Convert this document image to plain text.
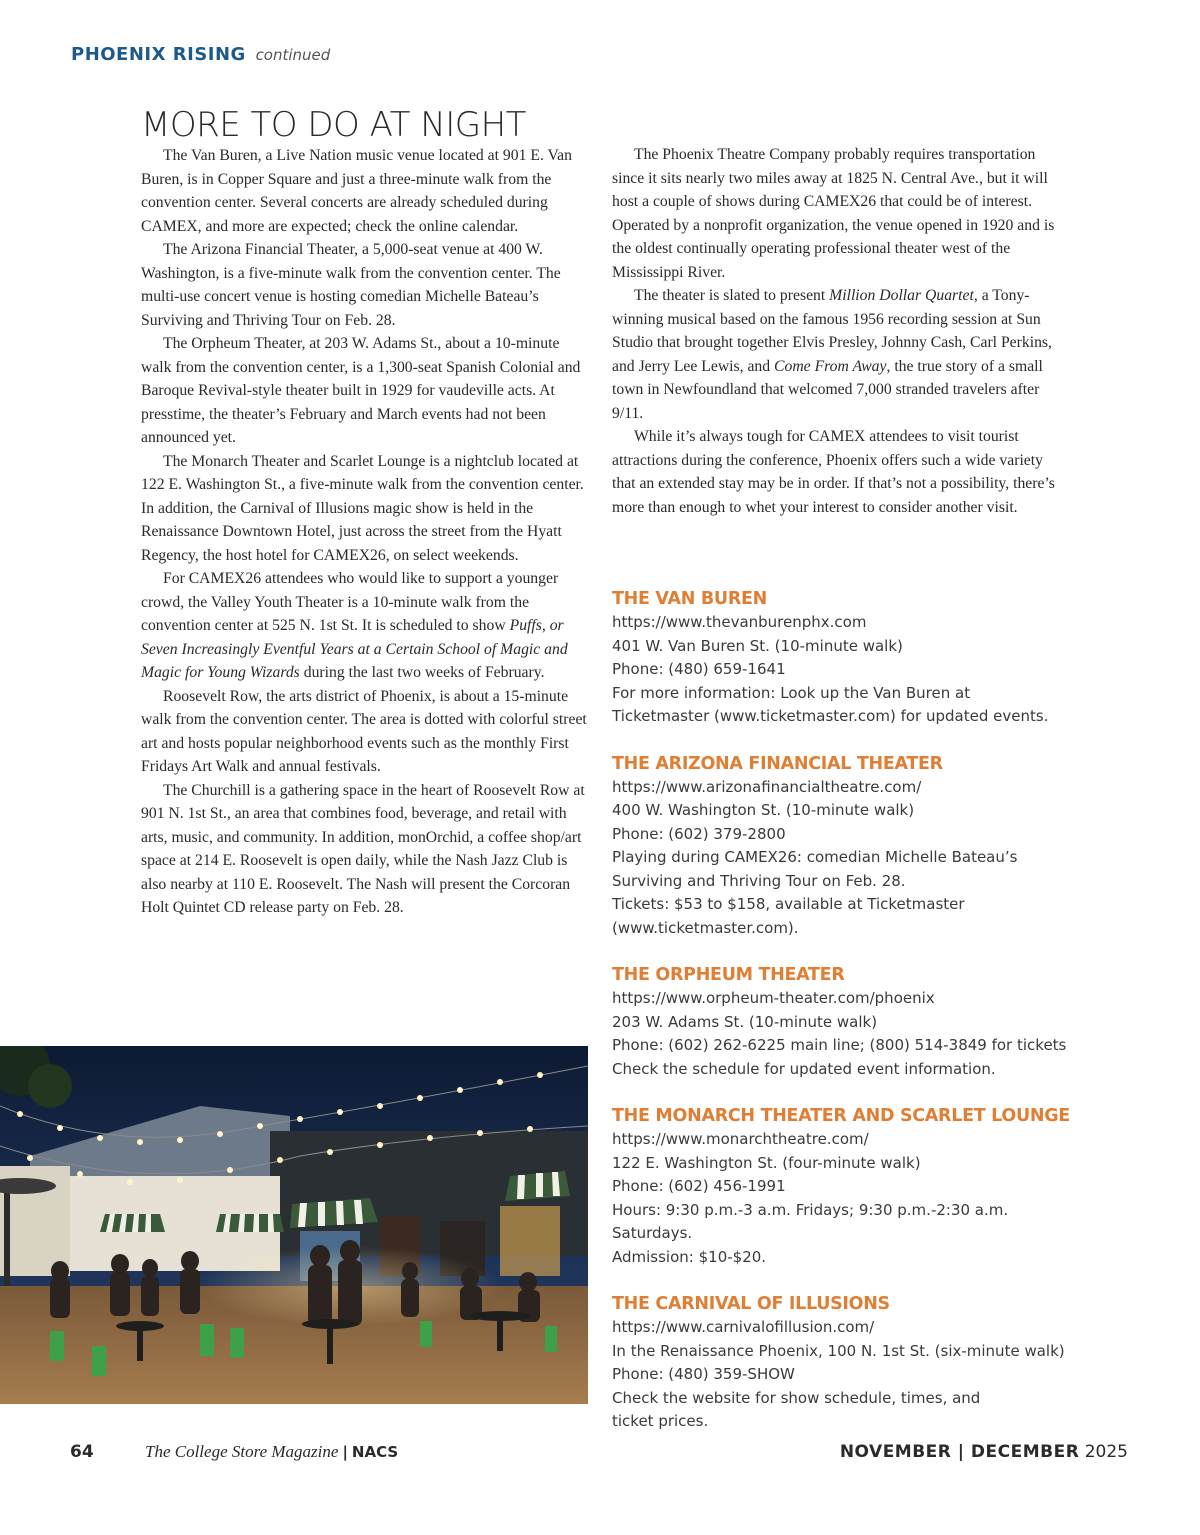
PHOENIX RISING continued
MORE TO DO AT NIGHT

The Van Buren, a Live Nation music venue located at 901 E. Van Buren, is in Copper Square and just a three-minute walk from the convention center. Several concerts are already scheduled during CAMEX, and more are expected; check the online calendar.

The Arizona Financial Theater, a 5,000-seat venue at 400 W. Washington, is a five-minute walk from the convention center. The multi-use concert venue is hosting comedian Michelle Bateau’s Surviving and Thriving Tour on Feb. 28.

The Orpheum Theater, at 203 W. Adams St., about a 10-minute walk from the convention center, is a 1,300-seat Spanish Colonial and Baroque Revival-style theater built in 1929 for vaudeville acts. At presstime, the theater’s February and March events had not been announced yet.

The Monarch Theater and Scarlet Lounge is a nightclub located at 122 E. Washington St., a five-minute walk from the convention center. In addition, the Carnival of Illusions magic show is held in the Renaissance Downtown Hotel, just across the street from the Hyatt Regency, the host hotel for CAMEX26, on select weekends.

For CAMEX26 attendees who would like to support a younger crowd, the Valley Youth Theater is a 10-minute walk from the convention center at 525 N. 1st St. It is scheduled to show Puffs, or Seven Increasingly Eventful Years at a Certain School of Magic and Magic for Young Wizards during the last two weeks of February.

Roosevelt Row, the arts district of Phoenix, is about a 15-minute walk from the convention center. The area is dotted with colorful street art and hosts popular neighborhood events such as the monthly First Fridays Art Walk and annual festivals.

The Churchill is a gathering space in the heart of Roosevelt Row at 901 N. 1st St., an area that combines food, beverage, and retail with arts, music, and community. In addition, monOrchid, a coffee shop/art space at 214 E. Roosevelt is open daily, while the Nash Jazz Club is also nearby at 110 E. Roosevelt. The Nash will present the Corcoran Holt Quintet CD release party on Feb. 28.

The Phoenix Theatre Company probably requires transportation since it sits nearly two miles away at 1825 N. Central Ave., but it will host a couple of shows during CAMEX26 that could be of interest. Operated by a nonprofit organization, the venue opened in 1920 and is the oldest continually operating professional theater west of the Mississippi River.

The theater is slated to present Million Dollar Quartet, a Tony-winning musical based on the famous 1956 recording session at Sun Studio that brought together Elvis Presley, Johnny Cash, Carl Perkins, and Jerry Lee Lewis, and Come From Away, the true story of a small town in Newfoundland that welcomed 7,000 stranded travelers after 9/11.

While it’s always tough for CAMEX attendees to visit tourist attractions during the conference, Phoenix offers such a wide variety that an extended stay may be in order. If that’s not a possibility, there’s more than enough to whet your interest to consider another visit.

THE VAN BUREN
https://www.thevanburenphx.com
401 W. Van Buren St. (10-minute walk)
Phone: (480) 659-1641
For more information: Look up the Van Buren at
Ticketmaster (www.ticketmaster.com) for updated events.
THE ARIZONA FINANCIAL THEATER
https://www.arizonafinancialtheatre.com/
400 W. Washington St. (10-minute walk)
Phone: (602) 379-2800
Playing during CAMEX26: comedian Michelle Bateau’s
Surviving and Thriving Tour on Feb. 28.
Tickets: $53 to $158, available at Ticketmaster
(www.ticketmaster.com).
THE ORPHEUM THEATER
https://www.orpheum-theater.com/phoenix
203 W. Adams St. (10-minute walk)
Phone: (602) 262-6225 main line; (800) 514-3849 for tickets
Check the schedule for updated event information.
THE MONARCH THEATER AND SCARLET LOUNGE
https://www.monarchtheatre.com/
122 E. Washington St. (four-minute walk)
Phone: (602) 456-1991
Hours: 9:30 p.m.-3 a.m. Fridays; 9:30 p.m.-2:30 a.m.
Saturdays.
Admission: $10-$20.
THE CARNIVAL OF ILLUSIONS
https://www.carnivalofillusion.com/
In the Renaissance Phoenix, 100 N. 1st St. (six-minute walk)
Phone: (480) 359-SHOW
Check the website for show schedule, times, and
ticket prices.
64	The College Store Magazine | NACS	NOVEMBER | DECEMBER 2025
